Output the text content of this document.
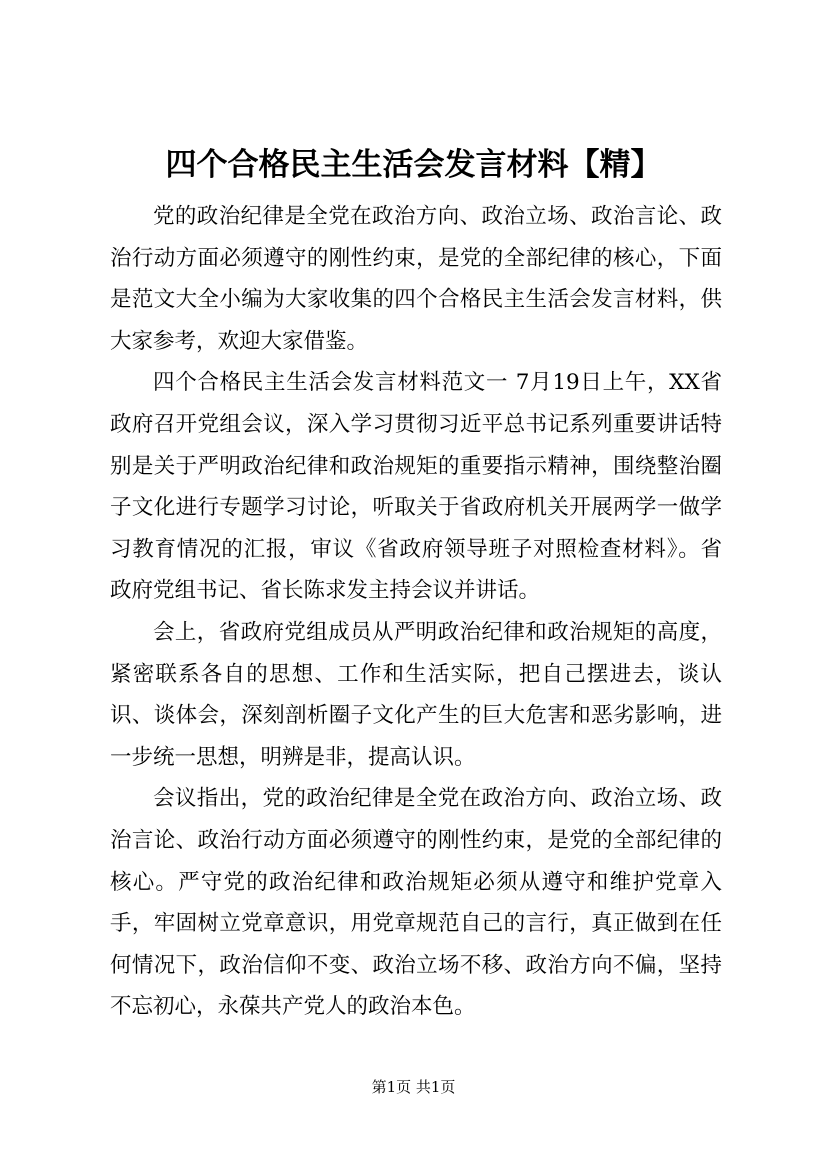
四个合格民主生活会发言材料【精】

党的政治纪律是全党在政治方向、政治立场、政治言论、政治行动方面必须遵守的刚性约束，是党的全部纪律的核心，下面是范文大全小编为大家收集的四个合格民主生活会发言材料，供大家参考，欢迎大家借鉴。

四个合格民主生活会发言材料范文一 7月19日上午，XX省政府召开党组会议，深入学习贯彻习近平总书记系列重要讲话特别是关于严明政治纪律和政治规矩的重要指示精神，围绕整治圈子文化进行专题学习讨论，听取关于省政府机关开展两学一做学习教育情况的汇报，审议《省政府领导班子对照检查材料》。省政府党组书记、省长陈求发主持会议并讲话。

会上，省政府党组成员从严明政治纪律和政治规矩的高度，紧密联系各自的思想、工作和生活实际，把自己摆进去，谈认识、谈体会，深刻剖析圈子文化产生的巨大危害和恶劣影响，进一步统一思想，明辨是非，提高认识。

会议指出，党的政治纪律是全党在政治方向、政治立场、政治言论、政治行动方面必须遵守的刚性约束，是党的全部纪律的核心。严守党的政治纪律和政治规矩必须从遵守和维护党章入手，牢固树立党章意识，用党章规范自己的言行，真正做到在任何情况下，政治信仰不变、政治立场不移、政治方向不偏，坚持不忘初心，永葆共产党人的政治本色。

第1页 共1页
